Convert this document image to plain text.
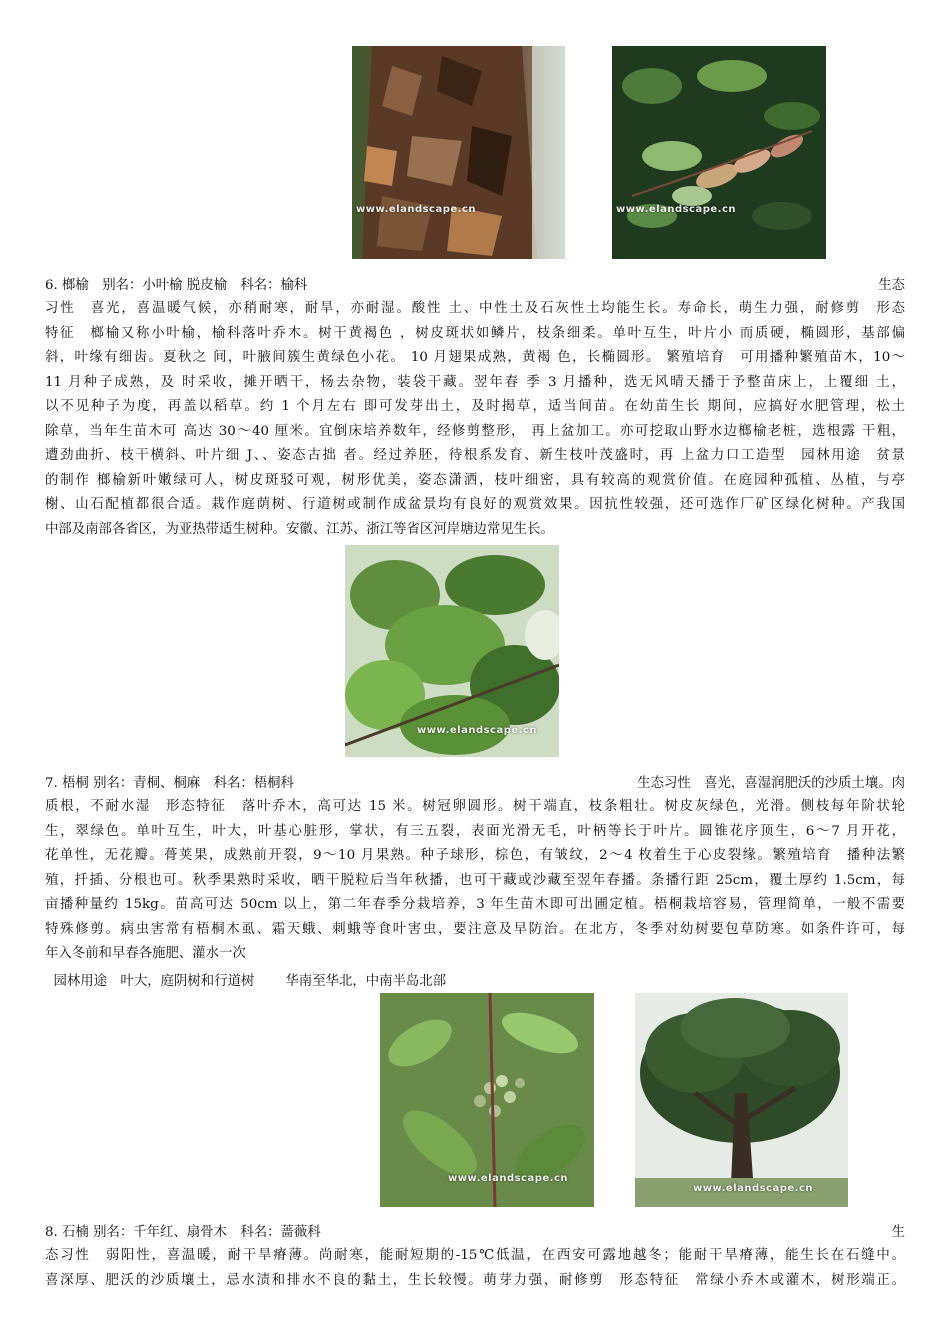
www.elandscape.cn	www.elandscape.cn
6. 榔榆　别名：小叶榆 脱皮榆　科名：榆科	生态
习性　喜光，喜温暖气候，亦稍耐寒，耐旱，亦耐湿。酸性 土、中性土及石灰性土均能生长。寿命长，萌生力强，耐修剪　形态
特征　榔榆又称小叶榆，榆科落叶乔木。树干黄褐色 ，树皮斑状如鳞片，枝条细柔。单叶互生，叶片小 而质硬，椭圆形，基部偏
斜，叶缘有细齿。夏秋之 间，叶腋间簇生黄绿色小花。 10 月翅果成熟，黄褐 色，长椭圆形。 繁殖培育　可用播种繁殖苗木，10～
11 月种子成熟，及 时采收，摊开晒干，杨去杂物，装袋干藏。翌年春 季 3 月播种，选无风晴天播于予整苗床上，上覆细 土，
以不见种子为度，再盖以稻草。约 1 个月左右 即可发芽出土，及时揭草，适当间苗。在幼苗生长 期间，应搞好水肥管理，松土
除草，当年生苗木可 高达 30～40 厘米。宜倒床培养数年，经修剪整形， 再上盆加工。亦可挖取山野水边榔榆老桩，选根露 干粗，
遭劲曲折、枝干横斜、叶片细 J、、姿态古拙 者。经过养胚，待根系发育、新生枝叶茂盛时，再 上盆力口工造型　园林用途　贫景
的制作 榔榆新叶嫩绿可人，树皮斑驳可观，树形优美，姿态潇洒，枝叶细密，具有较高的观赏价值。在庭园种孤植、丛植，与亭
榭、山石配植都很合适。栽作庭荫树、行道树或制作成盆景均有良好的观赏效果。因抗性较强，还可选作厂矿区绿化树种。产我国
中部及南部各省区，为亚热带适生树种。安徽、江苏、浙江等省区河岸塘边常见生长。
www.elandscape.cn
7. 梧桐 别名：青桐、桐麻　科名：梧桐科	生态习性　喜光，喜湿润肥沃的沙质土壤。肉
质根，不耐水湿　形态特征　落叶乔木，高可达 15 米。树冠卵圆形。树干端直，枝条粗壮。树皮灰绿色，光滑。侧枝每年阶状轮
生，翠绿色。单叶互生，叶大，叶基心脏形，掌状，有三五裂，表面光滑无毛，叶柄等长于叶片。圆锥花序顶生，6～7 月开花，
花单性，无花瓣。蓇荚果，成熟前开裂，9～10 月果熟。种子球形，棕色，有皱纹，2～4 枚着生于心皮裂缘。繁殖培育　播种法繁
殖，扦插、分根也可。秋季果熟时采收，晒干脱粒后当年秋播，也可干藏或沙藏至翌年春播。条播行距 25cm，覆土厚约 1.5cm，每
亩播种量约 15kg。苗高可达 50cm 以上，第二年春季分栽培养，3 年生苗木即可出圃定植。梧桐栽培容易，管理简单，一般不需要
特殊修剪。病虫害常有梧桐木虱、霜天蛾、刺蛾等食叶害虫，要注意及早防治。在北方，冬季对幼树要包草防寒。如条件许可，每
年入冬前和早春各施肥、灌水一次

园林用途　叶大，庭阴树和行道树　　 华南至华北，中南半岛北部

www.elandscape.cn
www.elandscape.cn
8. 石楠 别名：千年红、扇骨木　科名：蔷薇科	生
态习性　弱阳性，喜温暖，耐干旱瘠薄。尚耐寒，能耐短期的-15℃低温，在西安可露地越冬；能耐干旱瘠薄，能生长在石缝中。
喜深厚、肥沃的沙质壤土，忌水渍和排水不良的黏土，生长较慢。萌芽力强，耐修剪　形态特征　常绿小乔木或灌木，树形端正。
